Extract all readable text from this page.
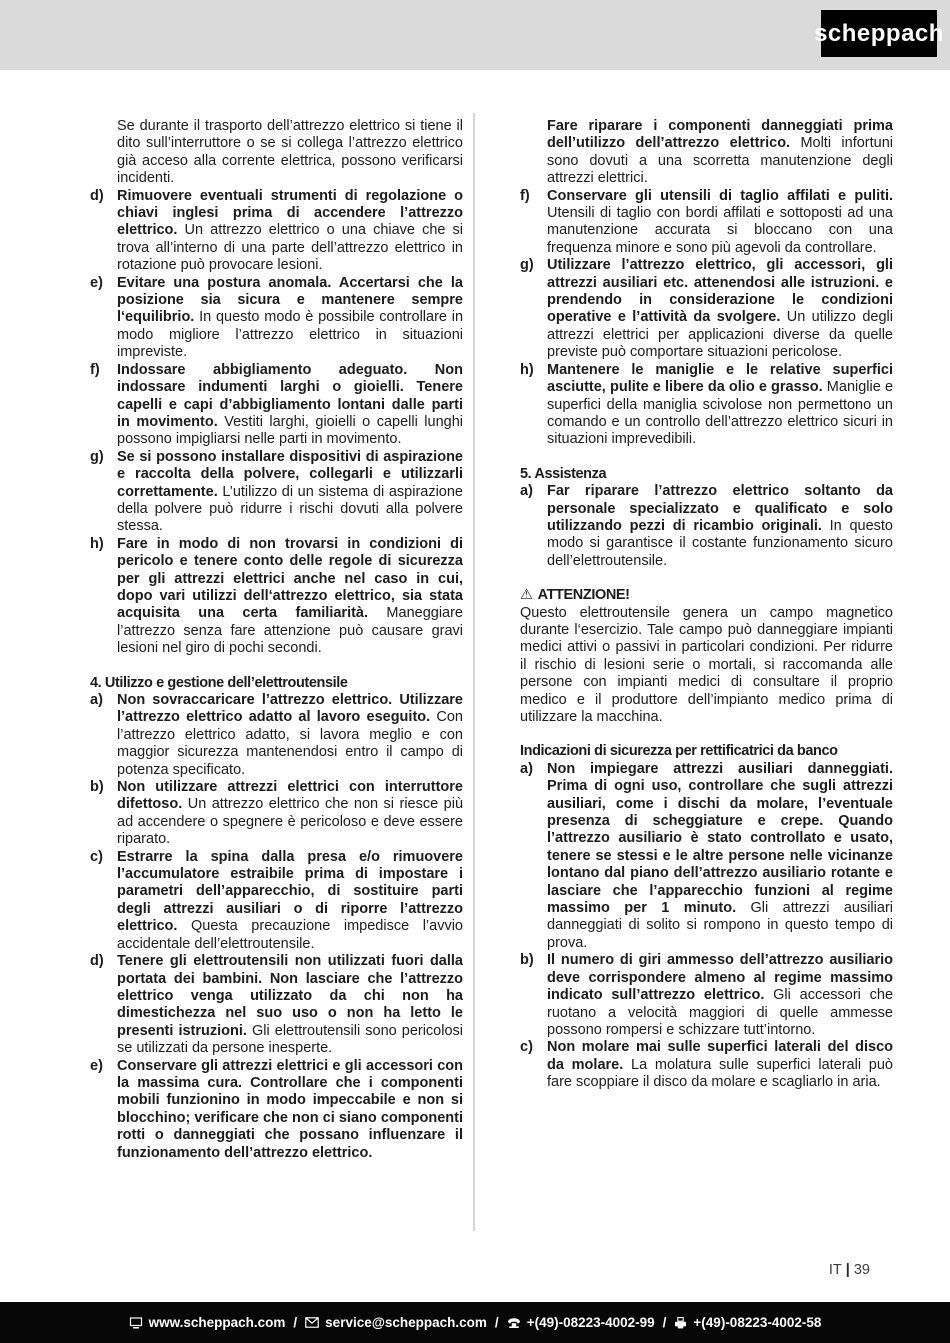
scheppach
Se durante il trasporto dell’attrezzo elettrico si tiene il dito sull’interruttore o se si collega l’attrezzo elettrico già acceso alla corrente elettrica, possono verificarsi incidenti.
d) Rimuovere eventuali strumenti di regolazione o chiavi inglesi prima di accendere l’attrezzo elettrico. Un attrezzo elettrico o una chiave che si trova all’interno di una parte dell’attrezzo elettrico in rotazione può provocare lesioni.
e) Evitare una postura anomala. Accertarsi che la posizione sia sicura e mantenere sempre l‘equilibrio. In questo modo è possibile controllare in modo migliore l’attrezzo elettrico in situazioni impreviste.
f)	Indossare abbigliamento adeguato. Non indossare indumenti larghi o gioielli. Tenere capelli e capi d’abbigliamento lontani dalle parti in movimento. Vestiti larghi, gioielli o capelli lunghi possono impigliarsi nelle parti in movimento.
g) Se si possono installare dispositivi di aspirazione e raccolta della polvere, collegarli e utilizzarli correttamente. L’utilizzo di un sistema di aspirazione della polvere può ridurre i rischi dovuti alla polvere stessa.
h) Fare in modo di non trovarsi in condizioni di pericolo e tenere conto delle regole di sicurezza per gli attrezzi elettrici anche nel caso in cui, dopo vari utilizzi dell‘attrezzo elettrico, sia stata acquisita una certa familiarità. Maneggiare l’attrezzo senza fare attenzione può causare gravi lesioni nel giro di pochi secondi.
4. Utilizzo e gestione dell’elettroutensile
a) Non sovraccaricare l’attrezzo elettrico. Utilizzare l’attrezzo elettrico adatto al lavoro eseguito. Con l’attrezzo elettrico adatto, si lavora meglio e con maggior sicurezza mantenendosi entro il campo di potenza specificato.
b) Non utilizzare attrezzi elettrici con interruttore difettoso. Un attrezzo elettrico che non si riesce più ad accendere o spegnere è pericoloso e deve essere riparato.
c) Estrarre la spina dalla presa e/o rimuovere l’accumulatore estraibile prima di impostare i parametri dell’apparecchio, di sostituire parti degli attrezzi ausiliari o di riporre l’attrezzo elettrico. Questa precauzione impedisce l’avvio accidentale dell’elettroutensile.
d) Tenere gli elettroutensili non utilizzati fuori dalla portata dei bambini. Non lasciare che l’attrezzo elettrico venga utilizzato da chi non ha dimestichezza nel suo uso o non ha letto le presenti istruzioni. Gli elettroutensili sono pericolosi se utilizzati da persone inesperte.
e) Conservare gli attrezzi elettrici e gli accessori con la massima cura. Controllare che i componenti mobili funzionino in modo impeccabile e non si blocchino; verificare che non ci siano componenti rotti o danneggiati che possano influenzare il funzionamento dell’attrezzo elettrico.
Fare riparare i componenti danneggiati prima dell’utilizzo dell’attrezzo elettrico. Molti infortuni sono dovuti a una scorretta manutenzione degli attrezzi elettrici.
f)	Conservare gli utensili di taglio affilati e puliti. Utensili di taglio con bordi affilati e sottoposti ad una manutenzione accurata si bloccano con una frequenza minore e sono più agevoli da controllare.
g) Utilizzare l’attrezzo elettrico, gli accessori, gli attrezzi ausiliari etc. attenendosi alle istruzioni. e prendendo in considerazione le condizioni operative e l’attività da svolgere. Un utilizzo degli attrezzi elettrici per applicazioni diverse da quelle previste può comportare situazioni pericolose.
h) Mantenere le maniglie e le relative superfici asciutte, pulite e libere da olio e grasso. Maniglie e superfici della maniglia scivolose non permettono un comando e un controllo dell’attrezzo elettrico sicuri in situazioni imprevedibili.
5. Assistenza
a) Far riparare l’attrezzo elettrico soltanto da personale specializzato e qualificato e solo utilizzando pezzi di ricambio originali. In questo modo si garantisce il costante funzionamento sicuro dell’elettroutensile.
⚠ ATTENZIONE!
Questo elettroutensile genera un campo magnetico durante l‘esercizio. Tale campo può danneggiare impianti medici attivi o passivi in particolari condizioni. Per ridurre il rischio di lesioni serie o mortali, si raccomanda alle persone con impianti medici di consultare il proprio medico e il produttore dell’impianto medico prima di utilizzare la macchina.
Indicazioni di sicurezza per rettificatrici da banco
a) Non impiegare attrezzi ausiliari danneggiati. Prima di ogni uso, controllare che sugli attrezzi ausiliari, come i dischi da molare, l’eventuale presenza di scheggiature e crepe. Quando l’attrezzo ausiliario è stato controllato e usato, tenere se stessi e le altre persone nelle vicinanze lontano dal piano dell’attrezzo ausiliario rotante e lasciare che l’apparecchio funzioni al regime massimo per 1 minuto. Gli attrezzi ausiliari danneggiati di solito si rompono in questo tempo di prova.
b) Il numero di giri ammesso dell’attrezzo ausiliario deve corrispondere almeno al regime massimo indicato sull’attrezzo elettrico. Gli accessori che ruotano a velocità maggiori di quelle ammesse possono rompersi e schizzare tutt’intorno.
c) Non molare mai sulle superfici laterali del disco da molare. La molatura sulle superfici laterali può fare scoppiare il disco da molare e scagliarlo in aria.
IT | 39
www.scheppach.com / service@scheppach.com / +(49)-08223-4002-99 / +(49)-08223-4002-58
